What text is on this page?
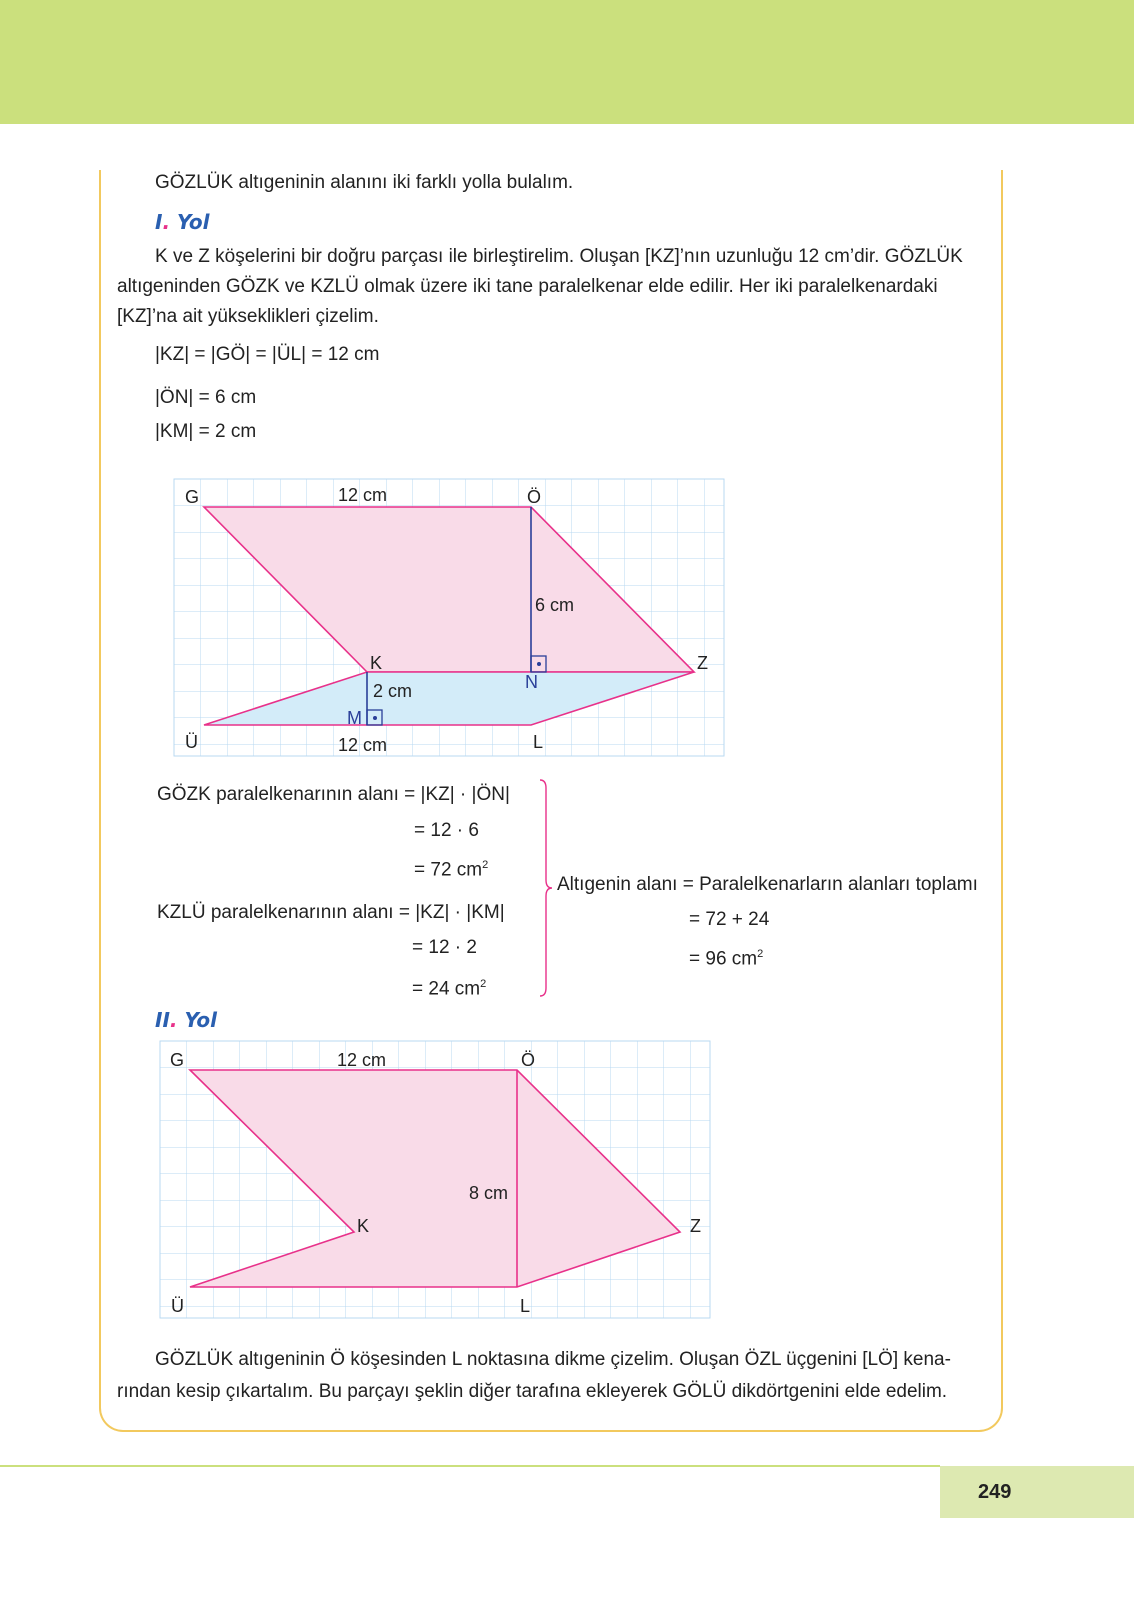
GÖZLÜK altıgeninin alanını iki farklı yolla bulalım.
I. Yol
K ve Z köşelerini bir doğru parçası ile birleştirelim. Oluşan [KZ]’nın uzunluğu 12 cm’dir. GÖZLÜK
altıgeninden GÖZK ve KZLÜ olmak üzere iki tane paralelkenar elde edilir. Her iki paralelkenardaki
[KZ]’na ait yükseklikleri çizelim.
|KZ| = |GÖ| = |ÜL| = 12 cm
|ÖN| = 6 cm
|KM| = 2 cm
G	12 cm	Ö
6 cm
K	Z
N
2 cm
M
Ü	12 cm	L
GÖZK paralelkenarının alanı = |KZ| · |ÖN|
= 12 · 6
= 72 $cm^2$
Altıgenin alanı = Paralelkenarların alanları toplamı
KZLÜ paralelkenarının alanı = |KZ| · |KM|	= 72 + 24
= 12 · 2
= 96 $cm^2$
= 24 $cm^2$
II. Yol
G	12 cm	Ö
8 cm
K	Z
Ü	L
GÖZLÜK altıgeninin Ö köşesinden L noktasına dikme çizelim. Oluşan ÖZL üçgenini [LÖ] kena-
rından kesip çıkartalım. Bu parçayı şeklin diğer tarafına ekleyerek GÖLÜ dikdörtgenini elde edelim.
249
